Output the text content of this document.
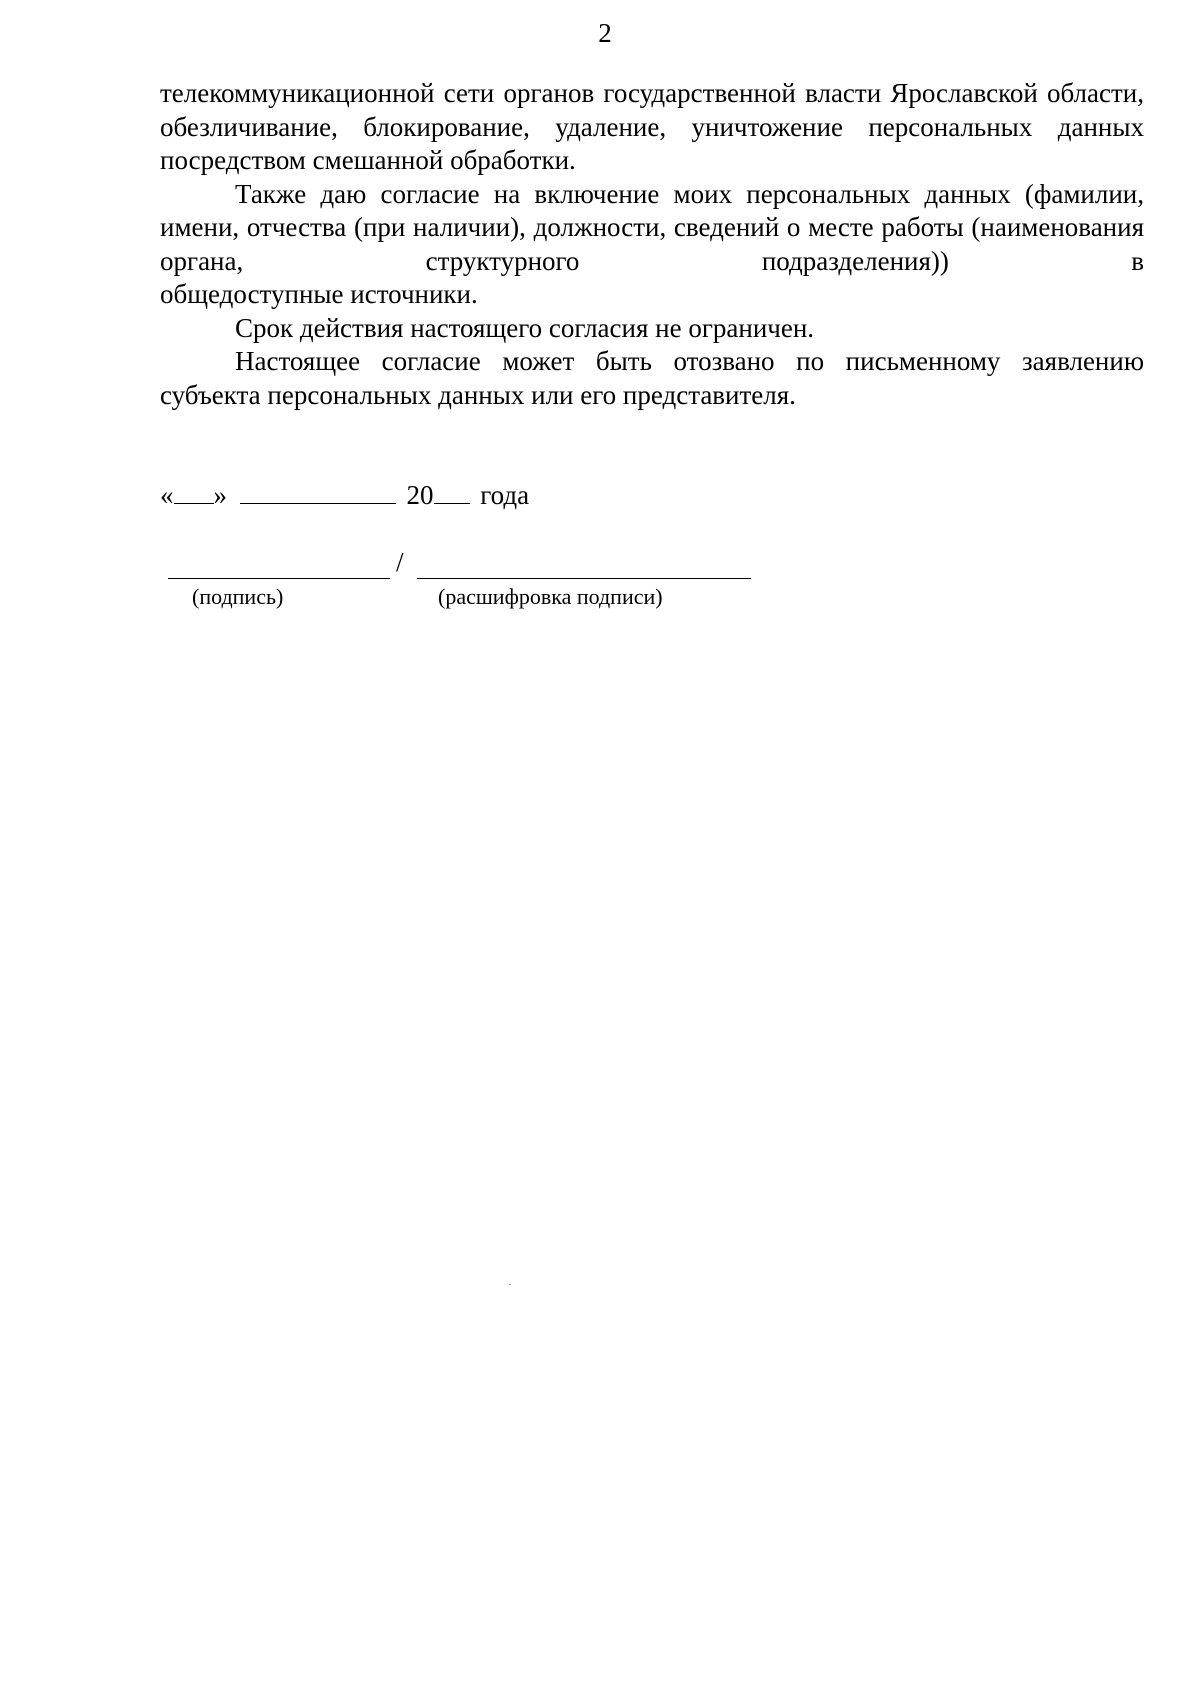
2

телекоммуникационной сети органов государственной власти Ярославской области, обезличивание, блокирование, удаление, уничтожение персональных данных посредством смешанной обработки.

Также даю согласие на включение моих персональных данных (фамилии, имени, отчества (при наличии), должности, сведений о месте работы (наименования органа, структурного подразделения)) в

общедоступные источники.

Срок действия настоящего согласия не ограничен.

Настоящее согласие может быть отозвано по письменному заявлению субъекта персональных данных или его представителя.

« »	20 года
/
(подпись)	(расшифровка подписи)
